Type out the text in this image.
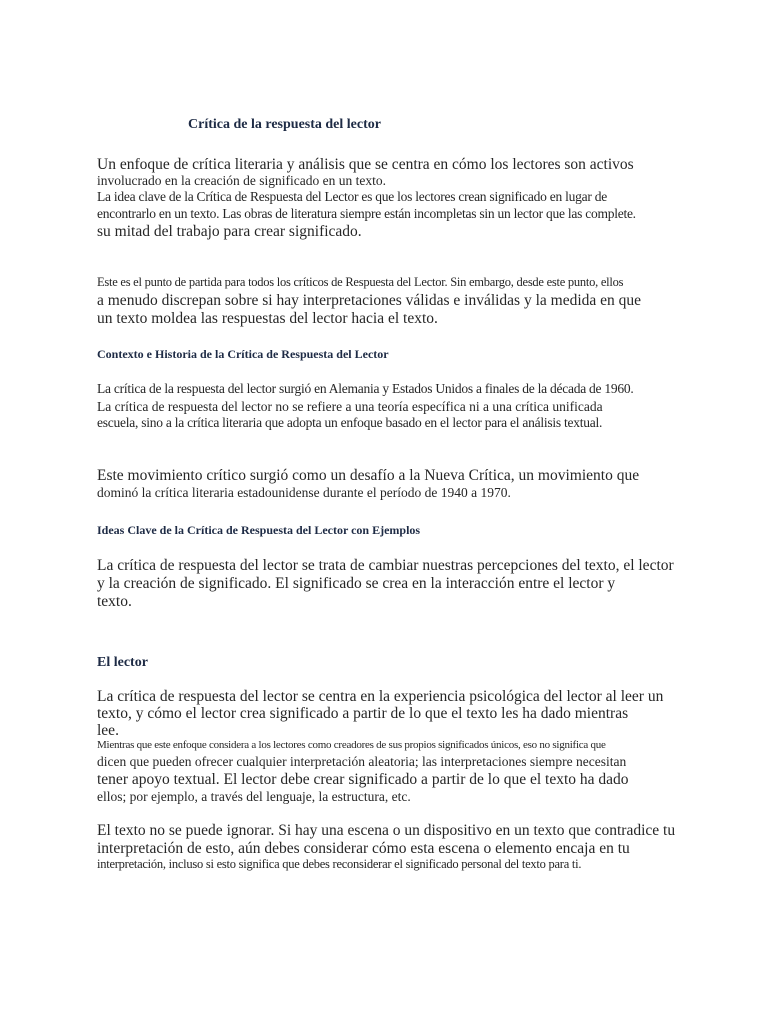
Crítica de la respuesta del lector

Un enfoque de crítica literaria y análisis que se centra en cómo los lectores son activos

involucrado en la creación de significado en un texto.

La idea clave de la Crítica de Respuesta del Lector es que los lectores crean significado en lugar de

encontrarlo en un texto. Las obras de literatura siempre están incompletas sin un lector que las complete.

su mitad del trabajo para crear significado.

Este es el punto de partida para todos los críticos de Respuesta del Lector. Sin embargo, desde este punto, ellos

a menudo discrepan sobre si hay interpretaciones válidas e inválidas y la medida en que

un texto moldea las respuestas del lector hacia el texto.

Contexto e Historia de la Crítica de Respuesta del Lector

La crítica de la respuesta del lector surgió en Alemania y Estados Unidos a finales de la década de 1960.

La crítica de respuesta del lector no se refiere a una teoría específica ni a una crítica unificada

escuela, sino a la crítica literaria que adopta un enfoque basado en el lector para el análisis textual.

Este movimiento crítico surgió como un desafío a la Nueva Crítica, un movimiento que

dominó la crítica literaria estadounidense durante el período de 1940 a 1970.

Ideas Clave de la Crítica de Respuesta del Lector con Ejemplos

La crítica de respuesta del lector se trata de cambiar nuestras percepciones del texto, el lector

y la creación de significado. El significado se crea en la interacción entre el lector y

texto.

El lector

La crítica de respuesta del lector se centra en la experiencia psicológica del lector al leer un

texto, y cómo el lector crea significado a partir de lo que el texto les ha dado mientras

lee.

Mientras que este enfoque considera a los lectores como creadores de sus propios significados únicos, eso no significa que

dicen que pueden ofrecer cualquier interpretación aleatoria; las interpretaciones siempre necesitan

tener apoyo textual. El lector debe crear significado a partir de lo que el texto ha dado

ellos; por ejemplo, a través del lenguaje, la estructura, etc.

El texto no se puede ignorar. Si hay una escena o un dispositivo en un texto que contradice tu

interpretación de esto, aún debes considerar cómo esta escena o elemento encaja en tu

interpretación, incluso si esto significa que debes reconsiderar el significado personal del texto para ti.
